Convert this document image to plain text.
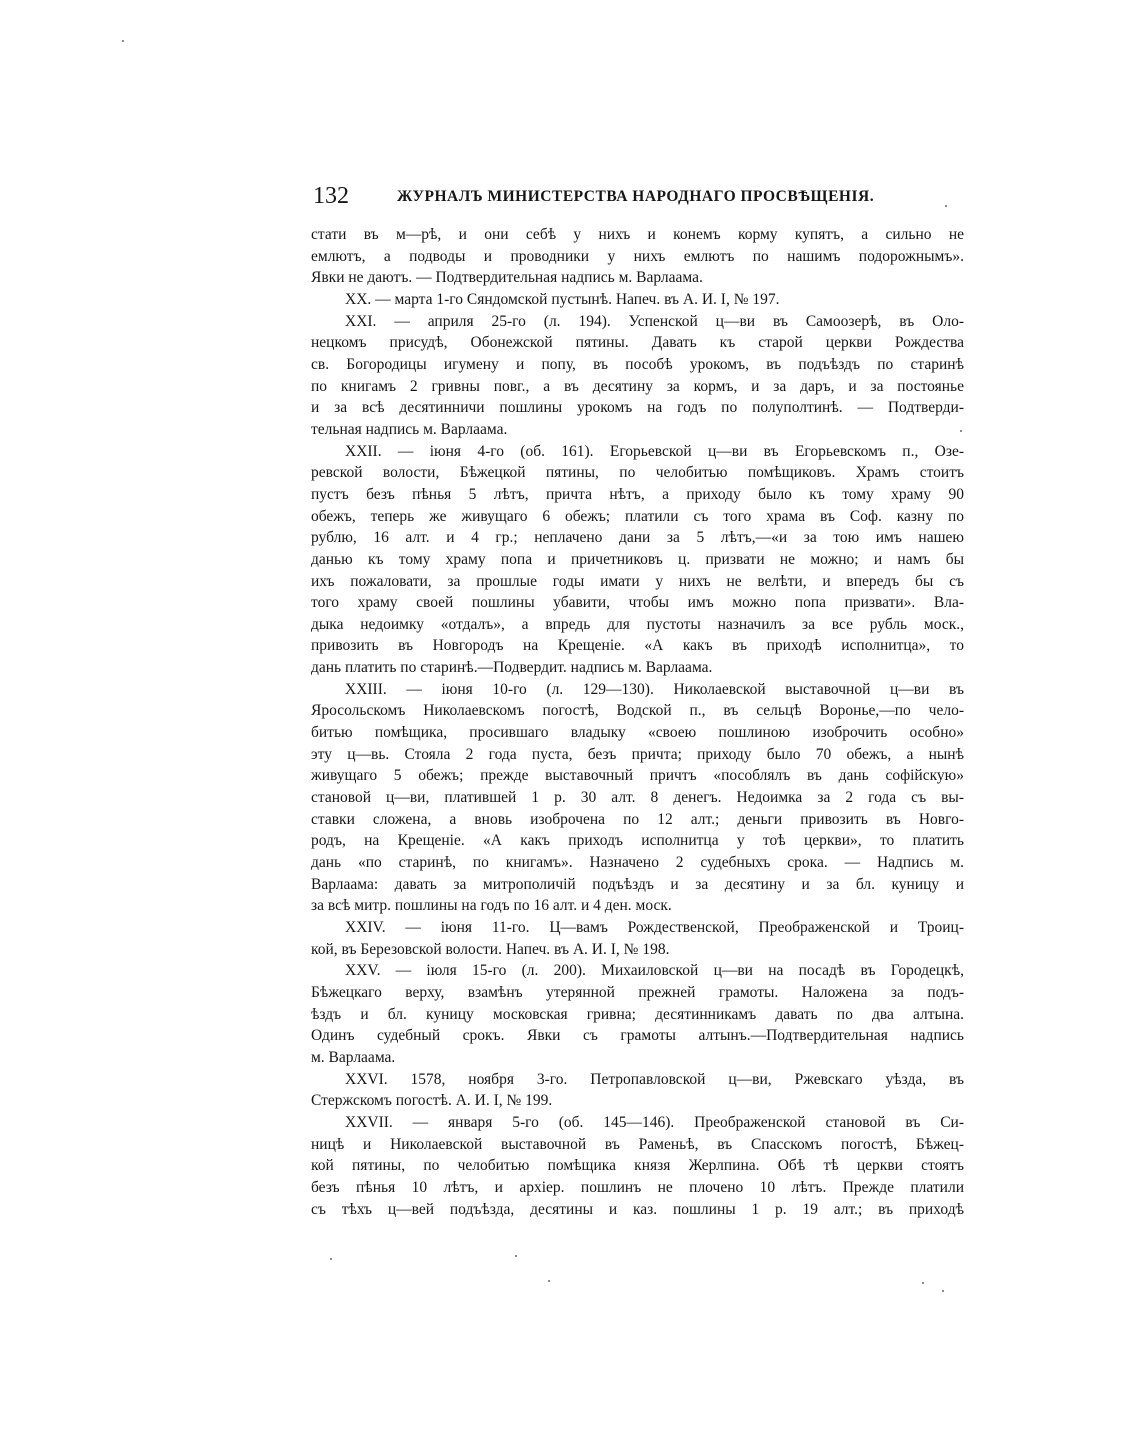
132	ЖУРНАЛЪ МИНИСТЕРСТВА НАРОДНАГО ПРОСВѢЩЕНІЯ.
стати въ м—рѣ, и они себѣ у нихъ и конемъ корму купятъ, а сильно не
емлютъ, а подводы и проводники у нихъ емлютъ по нашимъ подорожнымъ».
Явки не даютъ. — Подтвердительная надпись м. Варлаама.
XX. — марта 1-го Сяндомской пустынѣ. Напеч. въ А. И. I, № 197.
XXI. — априля 25-го (л. 194). Успенской ц—ви въ Самоозерѣ, въ Оло-
нецкомъ присудѣ, Обонежской пятины. Давать къ старой церкви Рождества
св. Богородицы игумену и попу, въ пособѣ урокомъ, въ подъѣздъ по старинѣ
по книгамъ 2 гривны повг., а въ десятину за кормъ, и за даръ, и за постоянье
и за всѣ десятинничи пошлины урокомъ на годъ по полуполтинѣ. — Подтверди-
тельная надпись м. Варлаама.
XXII. — іюня 4-го (об. 161). Егорьевской ц—ви въ Егорьевскомъ п., Озе-
ревской волости, Бѣжецкой пятины, по челобитью помѣщиковъ. Храмъ стоитъ
пустъ безъ пѣнья 5 лѣтъ, причта нѣтъ, а приходу было къ тому храму 90
обежъ, теперь же живущаго 6 обежъ; платили съ того храма въ Соф. казну по
рублю, 16 алт. и 4 гр.; неплачено дани за 5 лѣтъ,—«и за тою имъ нашею
данью къ тому храму попа и причетниковъ ц. призвати не можно; и намъ бы
ихъ пожаловати, за прошлые годы имати у нихъ не велѣти, и впередъ бы съ
того храму своей пошлины убавити, чтобы имъ можно попа призвати». Вла-
дыка недоимку «отдалъ», а впредь для пустоты назначилъ за все рубль моск.,
привозить въ Новгородъ на Крещеніе. «А какъ въ приходѣ исполнитца», то
дань платить по старинѣ.—Подвердит. надпись м. Варлаама.
XXIII. — іюня 10-го (л. 129—130). Николаевской выставочной ц—ви въ
Яросольскомъ Николаевскомъ погостѣ, Водской п., въ сельцѣ Воронье,—по чело-
битью помѣщика, просившаго владыку «своею пошлиною изоброчить особно»
эту ц—вь. Стояла 2 года пуста, безъ причта; приходу было 70 обежъ, а нынѣ
живущаго 5 обежъ; прежде выставочный причтъ «пособлялъ въ дань софійскую»
становой ц—ви, платившей 1 р. 30 алт. 8 денегъ. Недоимка за 2 года съ вы-
ставки сложена, а вновь изоброчена по 12 алт.; деньги привозить въ Новго-
родъ, на Крещеніе. «А какъ приходъ исполнитца у тоѣ церкви», то платить
дань «по старинѣ, по книгамъ». Назначено 2 судебныхъ срока. — Надпись м.
Варлаама: давать за митрополичій подъѣздъ и за десятину и за бл. куницу и
за всѣ митр. пошлины на годъ по 16 алт. и 4 ден. моск.
XXIV. — іюня 11-го. Ц—вамъ Рождественской, Преображенской и Троиц-
кой, въ Березовской волости. Напеч. въ А. И. I, № 198.
XXV. — іюля 15-го (л. 200). Михаиловской ц—ви на посадѣ въ Городецкѣ,
Бѣжецкаго верху, взамѣнъ утерянной прежней грамоты. Наложена за подъ-
ѣздъ и бл. куницу московская гривна; десятинникамъ давать по два алтына.
Одинъ судебный срокъ. Явки съ грамоты алтынъ.—Подтвердительная надпись
м. Варлаама.
XXVI. 1578, ноября 3-го. Петропавловской ц—ви, Ржевскаго уѣзда, въ
Стержскомъ погостѣ. А. И. I, № 199.
XXVII. — января 5-го (об. 145—146). Преображенской становой въ Си-
ницѣ и Николаевской выставочной въ Раменьѣ, въ Спасскомъ погостѣ, Бѣжец-
кой пятины, по челобитью помѣщика князя Жерлпина. Обѣ тѣ церкви стоятъ
безъ пѣнья 10 лѣтъ, и архіер. пошлинъ не плочено 10 лѣтъ. Прежде платили
съ тѣхъ ц—вей подъѣзда, десятины и каз. пошлины 1 р. 19 алт.; въ приходѣ
